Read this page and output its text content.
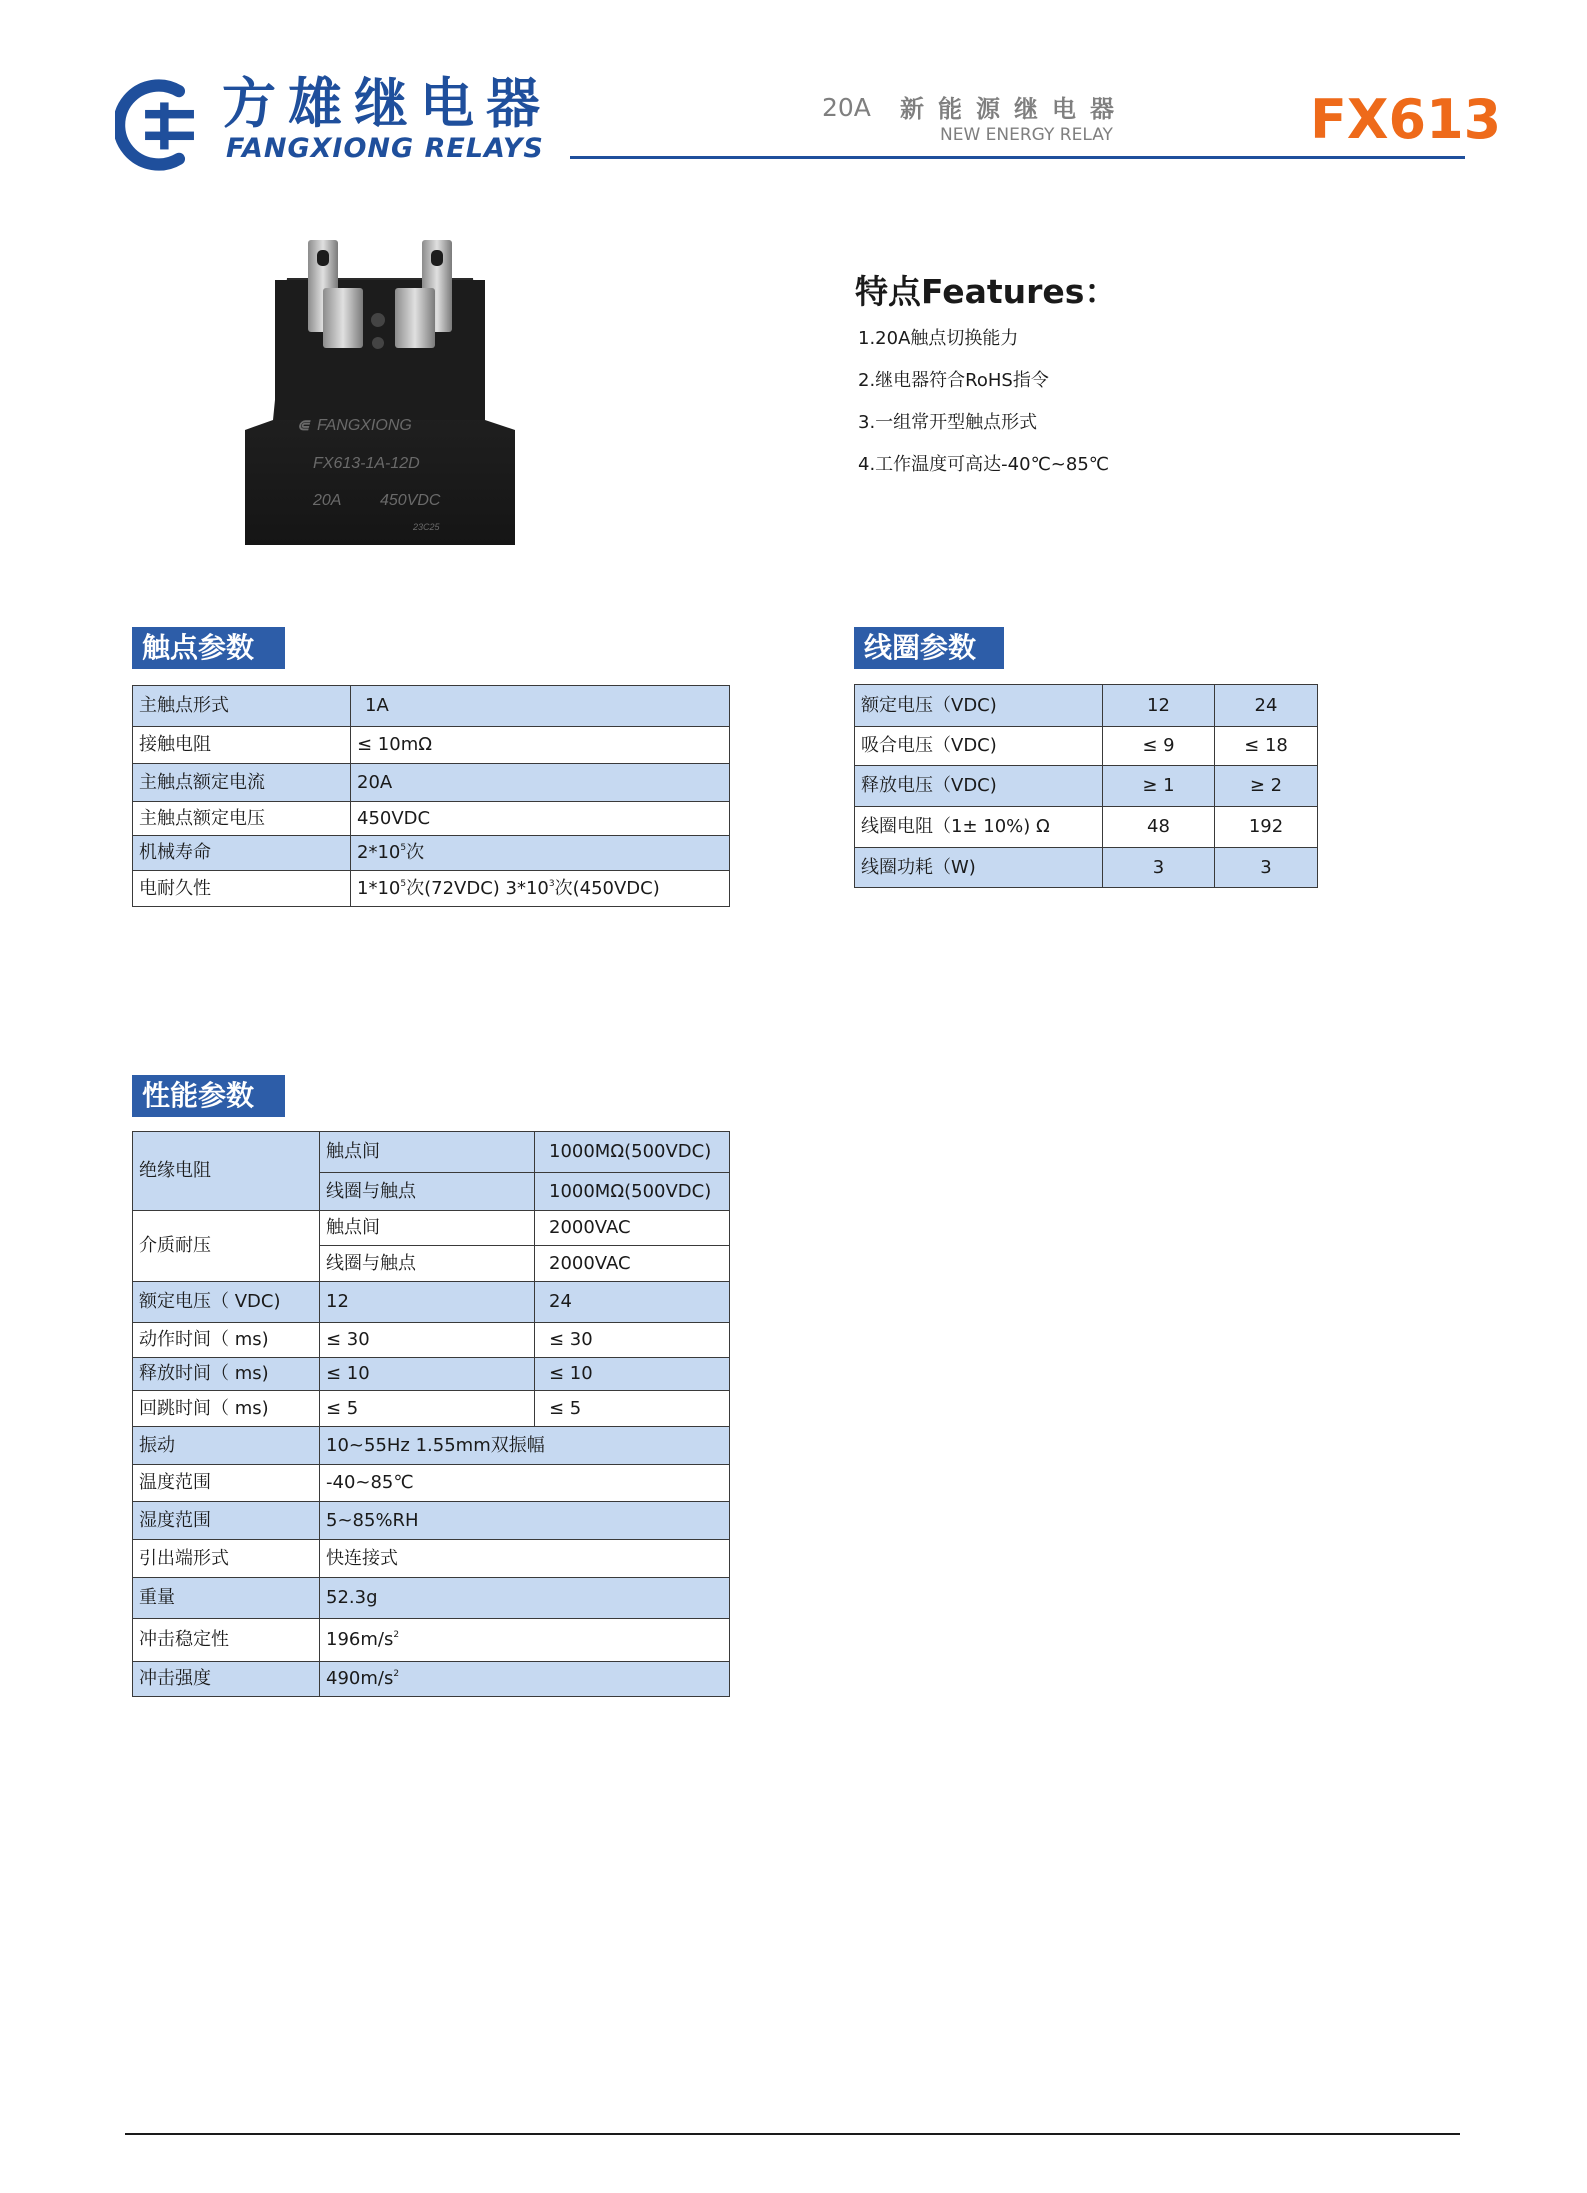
方雄继电器
FANGXIONG RELAYS
20A 新能源继电器
NEW ENERGY RELAY	FX613
⋐ FANGXIONG
FX613-1A-12D
20A 450VDC
23C25
特点Features：
1.20A触点切换能力
2.继电器符合RoHS指令
3.一组常开型触点形式
4.工作温度可高达-40℃~85℃
触点参数
主触点形式	1A
接触电阻	≤ 10mΩ
主触点额定电流	20A
主触点额定电压	450VDC
机械寿命	$2*10^5$次
电耐久性	$1*10^5$次(72VDC) $3*10^3$次(450VDC)
线圈参数
额定电压（VDC)	12	24
吸合电压（VDC)	≤ 9	≤ 18
释放电压（VDC)	≥ 1	≥ 2
线圈电阻（1± 10%) Ω	48	192
线圈功耗（W)	3	3
性能参数
绝缘电阻	触点间	1000MΩ(500VDC)
	线圈与触点	1000MΩ(500VDC)
介质耐压	触点间	2000VAC
	线圈与触点	2000VAC
额定电压（ VDC)	12	24
动作时间（ ms)	≤ 30	≤ 30
释放时间（ ms)	≤ 10	≤ 10
回跳时间（ ms)	≤ 5	≤ 5
振动	10~55Hz 1.55mm双振幅	
温度范围	-40~85℃	
湿度范围	5~85%RH	
引出端形式	快连接式	
重量	52.3g	
冲击稳定性	$196m/s^2$
冲击强度	$490m/s^2$
